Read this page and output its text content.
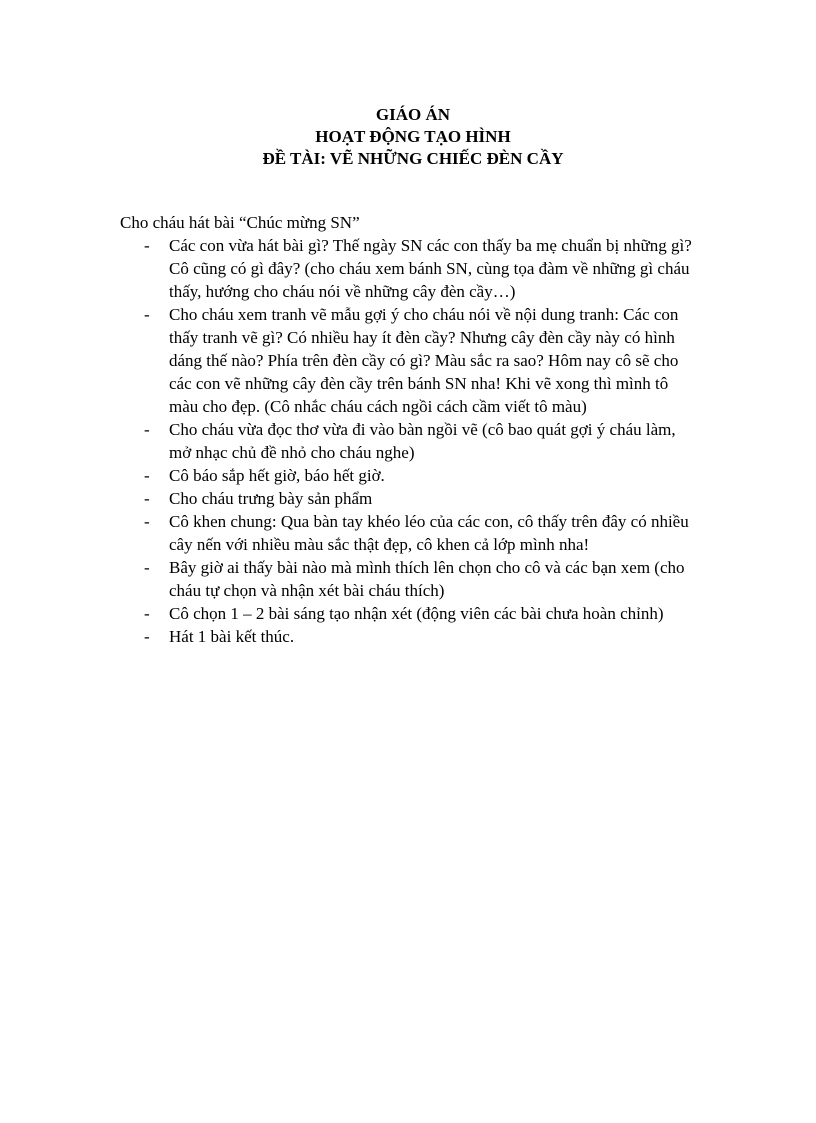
GIÁO ÁN
HOẠT ĐỘNG TẠO HÌNH
ĐỀ TÀI: VẼ NHỮNG CHIẾC ĐÈN CẦY
Cho cháu hát bài “Chúc mừng SN”
- Các con vừa hát bài gì? Thế ngày SN các con thấy ba mẹ chuẩn bị những gì? Cô cũng có gì đây? (cho cháu xem bánh SN, cùng tọa đàm về những gì cháu thấy, hướng cho cháu nói về những cây đèn cầy…)
- Cho cháu xem tranh vẽ mẫu gợi ý cho cháu nói về nội dung tranh: Các con thấy tranh vẽ gì? Có nhiều hay ít đèn cầy? Nhưng cây đèn cầy này có hình dáng thế nào? Phía trên đèn cầy có gì? Màu sắc ra sao? Hôm nay cô sẽ cho các con vẽ những cây đèn cầy trên bánh SN nha! Khi vẽ xong thì mình tô màu cho đẹp. (Cô nhắc cháu cách ngồi cách cầm viết tô màu)
- Cho cháu vừa đọc thơ vừa đi vào bàn ngồi vẽ (cô bao quát gợi ý cháu làm, mở nhạc chủ đề nhỏ cho cháu nghe)
- Cô báo sắp hết giờ, báo hết giờ.
- Cho cháu trưng bày sản phẩm
- Cô khen chung: Qua bàn tay khéo léo của các con, cô thấy trên đây có nhiều cây nến với nhiều màu sắc thật đẹp, cô khen cả lớp mình nha!
- Bây giờ ai thấy bài nào mà mình thích lên chọn cho cô và các bạn xem (cho cháu tự chọn và nhận xét bài cháu thích)
- Cô chọn 1 – 2 bài sáng tạo nhận xét (động viên các bài chưa hoàn chỉnh)
- Hát 1 bài kết thúc.
